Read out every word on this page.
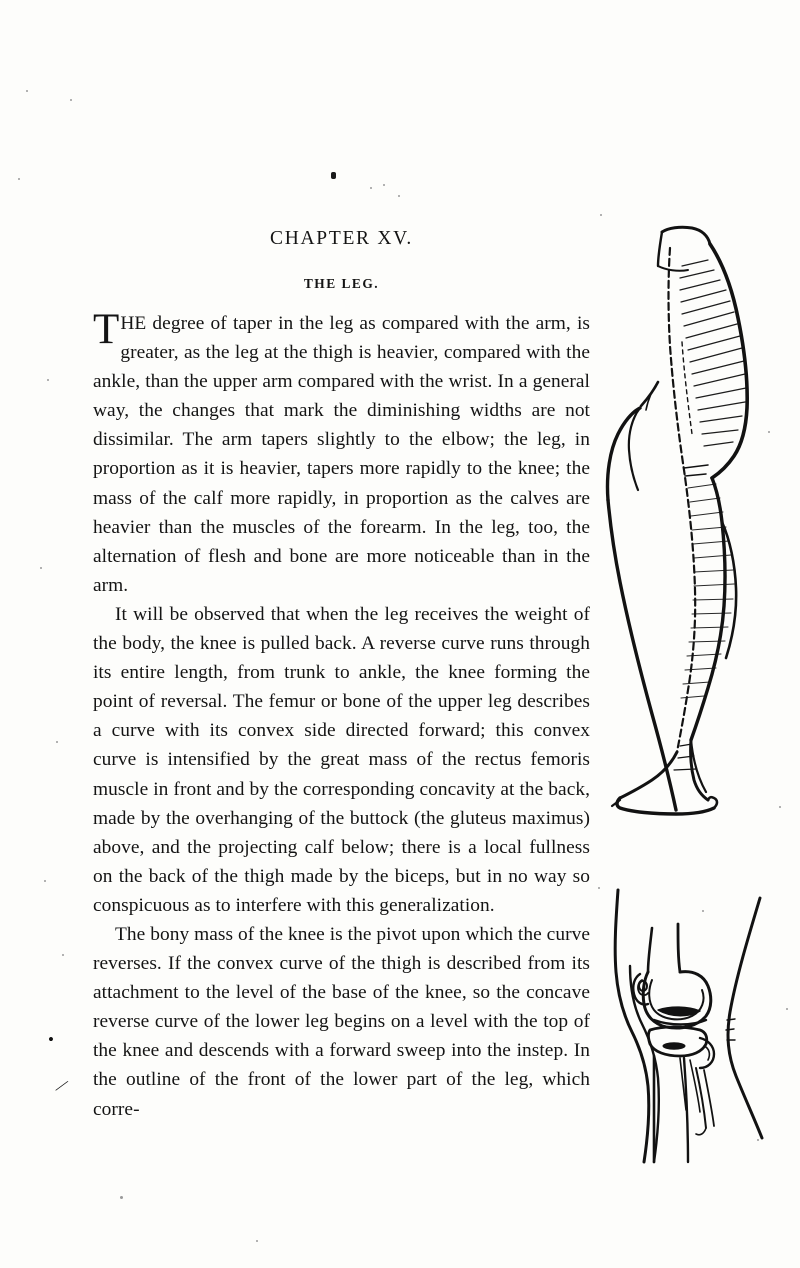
•
⁄
CHAPTER XV.
THE LEG.

THE degree of taper in the leg as compared with the arm, is greater, as the leg at the thigh is heavier, compared with the ankle, than the upper arm compared with the wrist. In a general way, the changes that mark the diminishing widths are not dissimilar. The arm tapers slightly to the elbow; the leg, in proportion as it is heavier, tapers more rapidly to the knee; the mass of the calf more rapidly, in proportion as the calves are heavier than the muscles of the forearm. In the leg, too, the alternation of flesh and bone are more noticeable than in the arm.

It will be observed that when the leg receives the weight of the body, the knee is pulled back. A reverse curve runs through its entire length, from trunk to ankle, the knee forming the point of reversal. The femur or bone of the upper leg describes a curve with its convex side directed forward; this convex curve is intensified by the great mass of the rectus femoris muscle in front and by the corresponding concavity at the back, made by the overhanging of the buttock (the gluteus maximus) above, and the projecting calf below; there is a local fullness on the back of the thigh made by the biceps, but in no way so conspicuous as to interfere with this generalization.

The bony mass of the knee is the pivot upon which the curve reverses. If the convex curve of the thigh is described from its attachment to the level of the base of the knee, so the concave reverse curve of the lower leg begins on a level with the top of the knee and descends with a forward sweep into the instep. In the outline of the front of the lower part of the leg, which corre-
